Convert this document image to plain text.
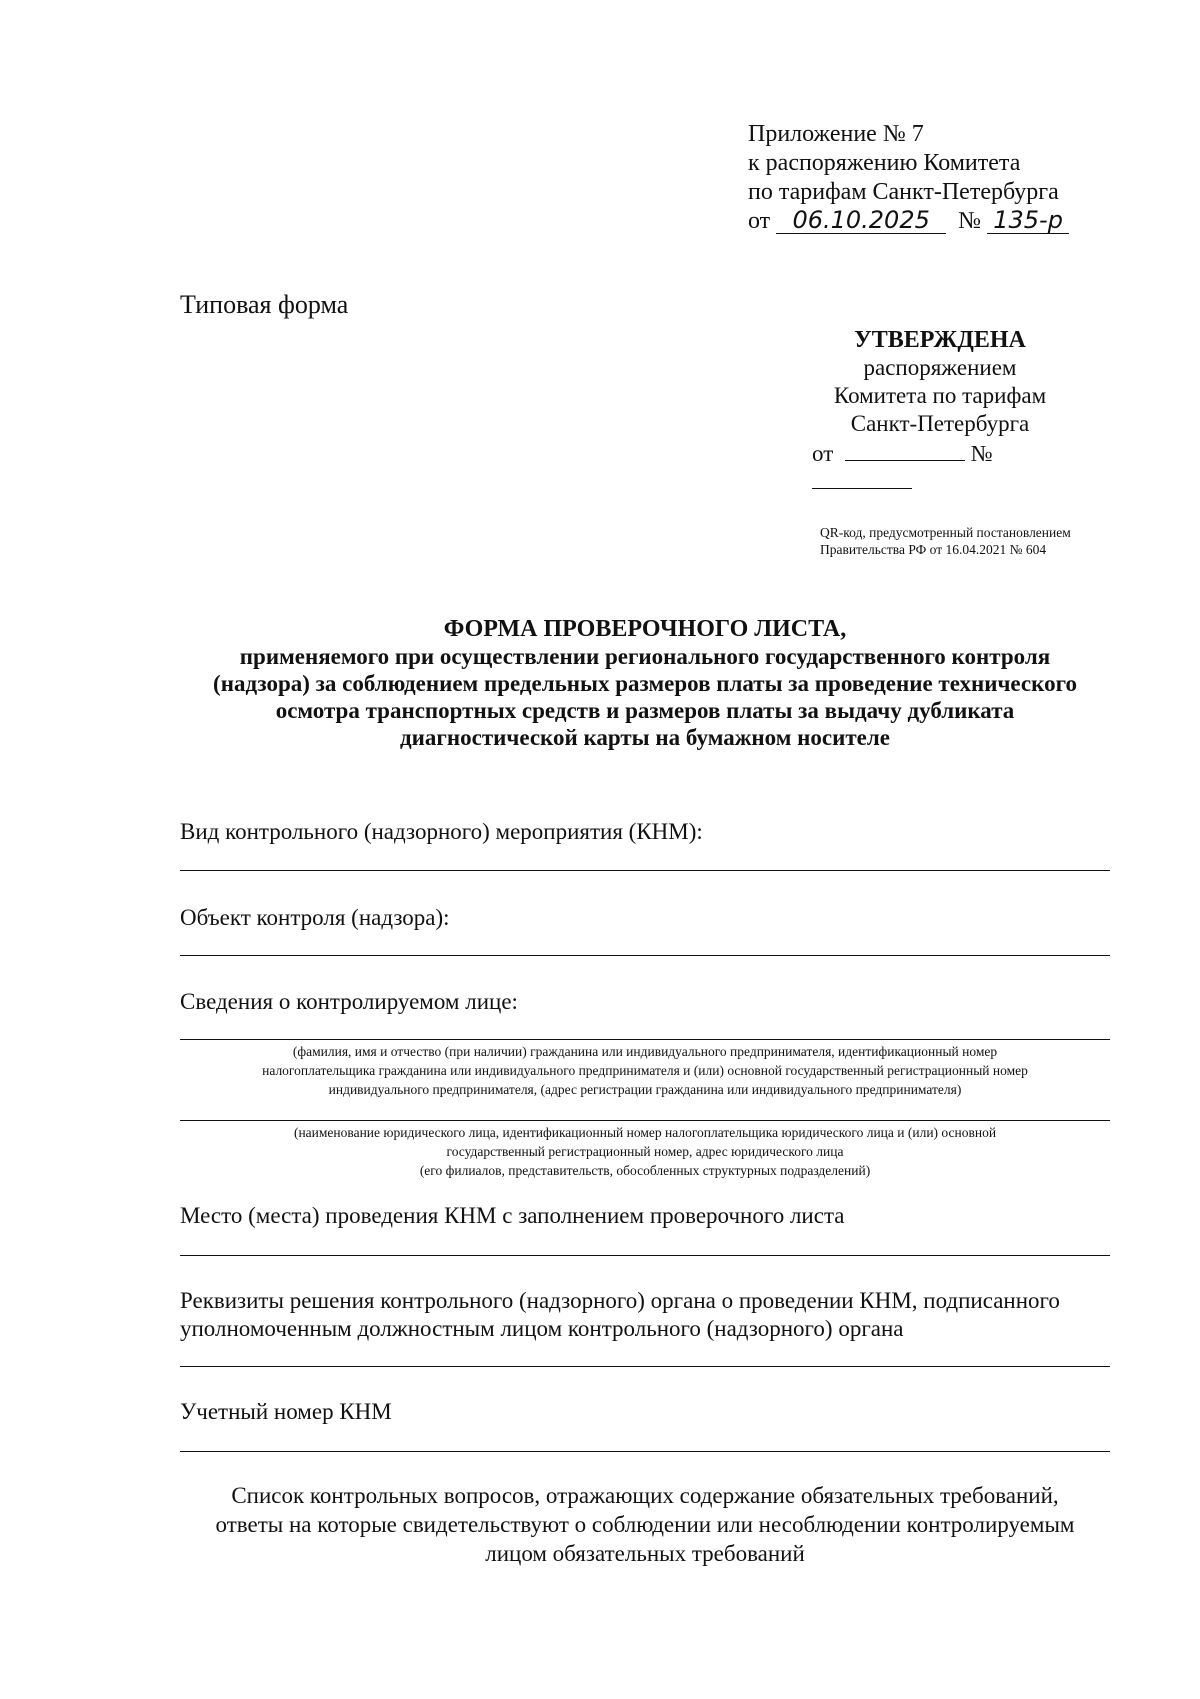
Приложение № 7
к распоряжению Комитета
по тарифам Санкт-Петербурга
от 06.10.2025 № 135-р
Типовая форма
УТВЕРЖДЕНА
распоряжением
Комитета по тарифам
Санкт-Петербурга
от	№
QR-код, предусмотренный постановлением
Правительства РФ от 16.04.2021 № 604
ФОРМА ПРОВЕРОЧНОГО ЛИСТА,
применяемого при осуществлении регионального государственного контроля
(надзора) за соблюдением предельных размеров платы за проведение технического
осмотра транспортных средств и размеров платы за выдачу дубликата
диагностической карты на бумажном носителе
Вид контрольного (надзорного) мероприятия (КНМ):
Объект контроля (надзора):
Сведения о контролируемом лице:
(фамилия, имя и отчество (при наличии) гражданина или индивидуального предпринимателя, идентификационный номер
налогоплательщика гражданина или индивидуального предпринимателя и (или) основной государственный регистрационный номер
индивидуального предпринимателя, (адрес регистрации гражданина или индивидуального предпринимателя)
(наименование юридического лица, идентификационный номер налогоплательщика юридического лица и (или) основной
государственный регистрационный номер, адрес юридического лица
(его филиалов, представительств, обособленных структурных подразделений)
Место (места) проведения КНМ с заполнением проверочного листа
Реквизиты решения контрольного (надзорного) органа о проведении КНМ, подписанного
уполномоченным должностным лицом контрольного (надзорного) органа
Учетный номер КНМ
Список контрольных вопросов, отражающих содержание обязательных требований,
ответы на которые свидетельствуют о соблюдении или несоблюдении контролируемым
лицом обязательных требований
